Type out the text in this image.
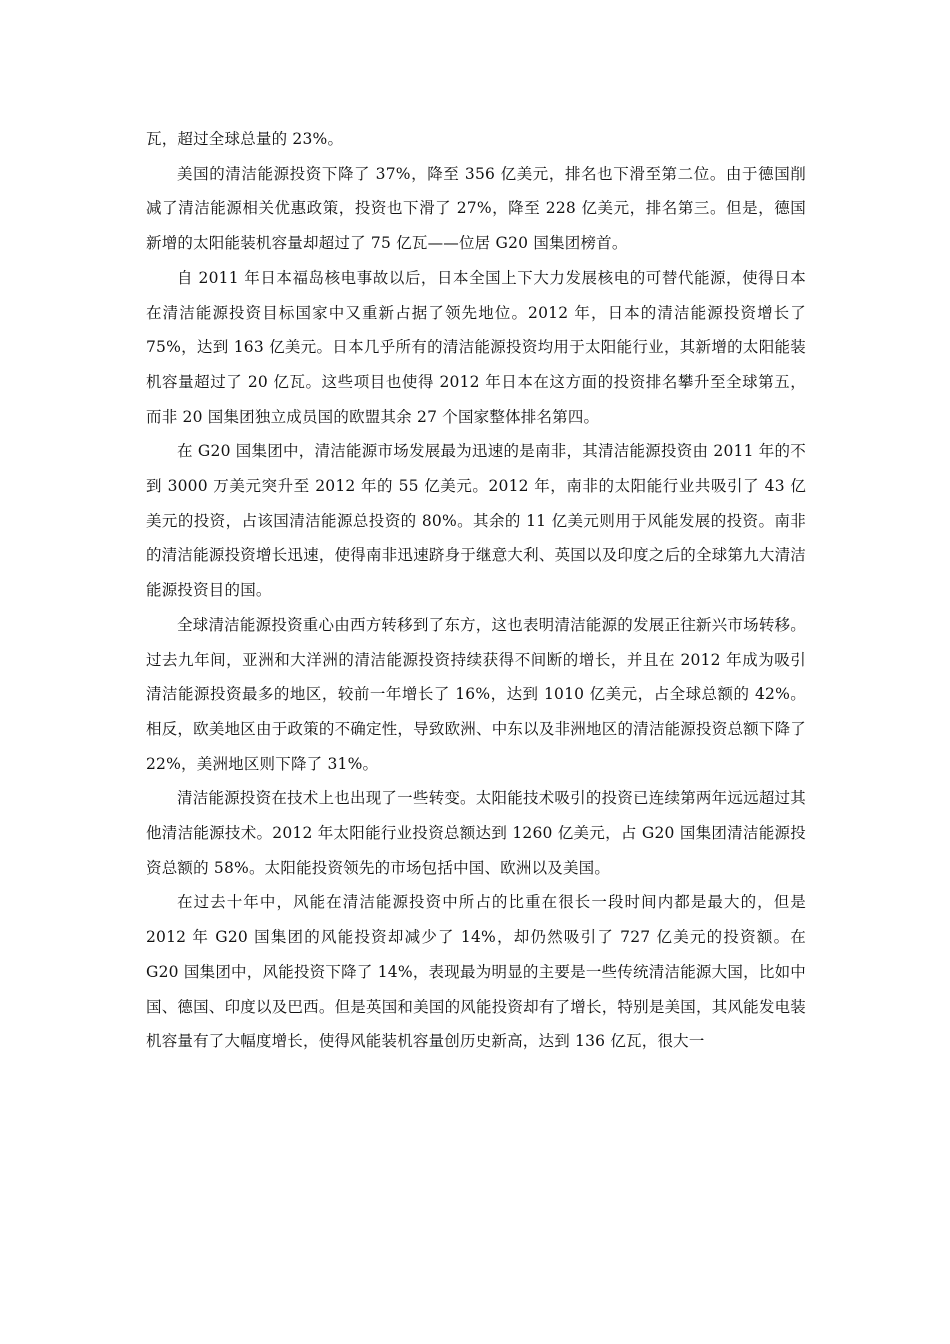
瓦，超过全球总量的 23%。

美国的清洁能源投资下降了 37%，降至 356 亿美元，排名也下滑至第二位。由于德国削减了清洁能源相关优惠政策，投资也下滑了 27%，降至 228 亿美元，排名第三。但是，德国新增的太阳能装机容量却超过了 75 亿瓦——位居 G20 国集团榜首。

自 2011 年日本福岛核电事故以后，日本全国上下大力发展核电的可替代能源，使得日本在清洁能源投资目标国家中又重新占据了领先地位。2012 年，日本的清洁能源投资增长了 75%，达到 163 亿美元。日本几乎所有的清洁能源投资均用于太阳能行业，其新增的太阳能装机容量超过了 20 亿瓦。这些项目也使得 2012 年日本在这方面的投资排名攀升至全球第五，而非 20 国集团独立成员国的欧盟其余 27 个国家整体排名第四。

在 G20 国集团中，清洁能源市场发展最为迅速的是南非，其清洁能源投资由 2011 年的不到 3000 万美元突升至 2012 年的 55 亿美元。2012 年，南非的太阳能行业共吸引了 43 亿美元的投资，占该国清洁能源总投资的 80%。其余的 11 亿美元则用于风能发展的投资。南非的清洁能源投资增长迅速，使得南非迅速跻身于继意大利、英国以及印度之后的全球第九大清洁能源投资目的国。

全球清洁能源投资重心由西方转移到了东方，这也表明清洁能源的发展正往新兴市场转移。过去九年间，亚洲和大洋洲的清洁能源投资持续获得不间断的增长，并且在 2012 年成为吸引清洁能源投资最多的地区，较前一年增长了 16%，达到 1010 亿美元，占全球总额的 42%。相反，欧美地区由于政策的不确定性，导致欧洲、中东以及非洲地区的清洁能源投资总额下降了 22%，美洲地区则下降了 31%。

清洁能源投资在技术上也出现了一些转变。太阳能技术吸引的投资已连续第两年远远超过其他清洁能源技术。2012 年太阳能行业投资总额达到 1260 亿美元，占 G20 国集团清洁能源投资总额的 58%。太阳能投资领先的市场包括中国、欧洲以及美国。

在过去十年中，风能在清洁能源投资中所占的比重在很长一段时间内都是最大的，但是 2012 年 G20 国集团的风能投资却减少了 14%，却仍然吸引了 727 亿美元的投资额。在 G20 国集团中，风能投资下降了 14%，表现最为明显的主要是一些传统清洁能源大国，比如中国、德国、印度以及巴西。但是英国和美国的风能投资却有了增长，特别是美国，其风能发电装机容量有了大幅度增长，使得风能装机容量创历史新高，达到 136 亿瓦，很大一
